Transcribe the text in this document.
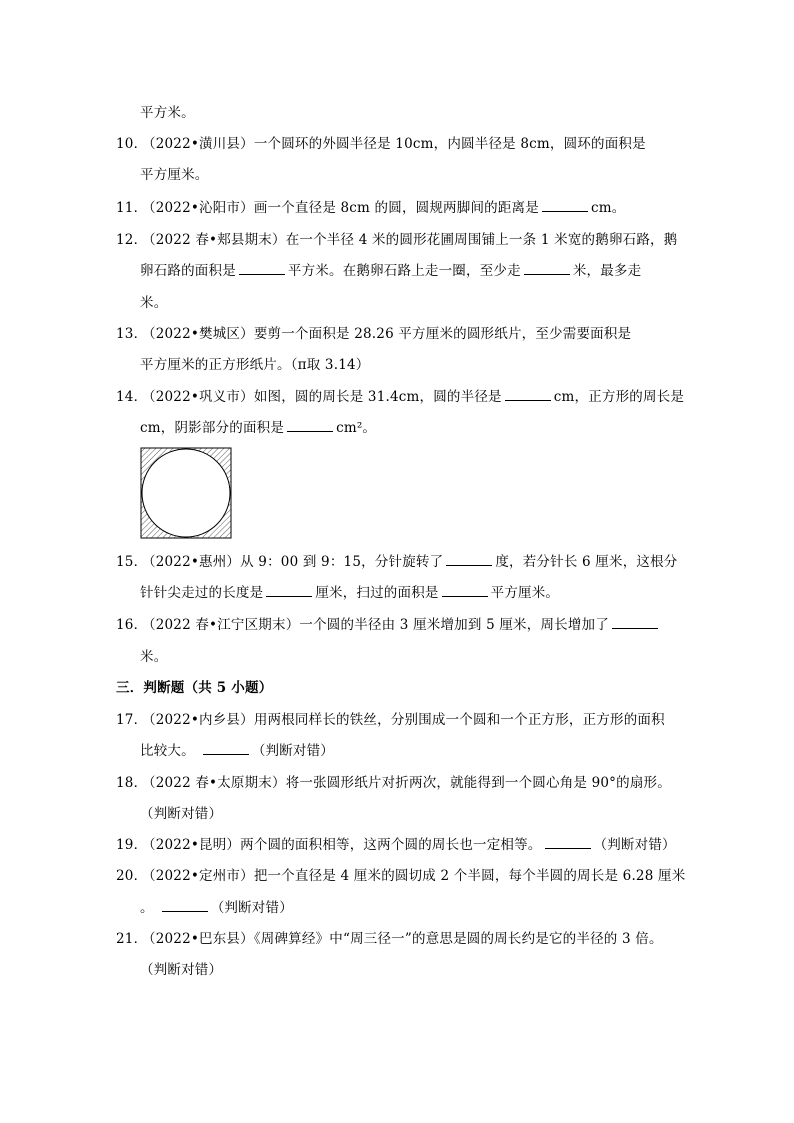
平方米。
10．
（2022•潢川县）一个圆环的外圆半径是 10cm，内圆半径是 8cm，圆环的面积是
平方厘米。
11．
（2022•沁阳市）画一个直径是 8cm 的圆，圆规两脚间的距离是	cm。
12．
（2022 春•郏县期末）在一个半径 4 米的圆形花圃周围铺上一条 1 米宽的鹅卵石路，鹅
卵石路的面积是	平方米。在鹅卵石路上走一圈，至少走	米，最多走
米。
13．
（2022•樊城区）要剪一个面积是 28.26 平方厘米的圆形纸片，至少需要面积是
平方厘米的正方形纸片。（π取 3.14）
14．
（2022•巩义市）如图，圆的周长是 31.4cm，圆的半径是	cm，正方形的周长是
cm，阴影部分的面积是	cm²。
15．
（2022•惠州）从 9：00 到 9：15，分针旋转了	度，若分针长 6 厘米，这根分
针针尖走过的长度是	厘米，扫过的面积是	平方厘米。
16．
（2022 春•江宁区期末）一个圆的半径由 3 厘米增加到 5 厘米，周长增加了
米。
三．判断题（共 5 小题）
17．
（2022•内乡县）用两根同样长的铁丝，分别围成一个圆和一个正方形，正方形的面积
比较大。	（判断对错）
18．
（2022 春•太原期末）将一张圆形纸片对折两次，就能得到一个圆心角是 90°的扇形。
（判断对错）
19．
（2022•昆明）两个圆的面积相等，这两个圆的周长也一定相等。	（判断对错）
20．
（2022•定州市）把一个直径是 4 厘米的圆切成 2 个半圆，每个半圆的周长是 6.28 厘米
。	（判断对错）
21．
（2022•巴东县）《周碑算经》中“周三径一”的意思是圆的周长约是它的半径的 3 倍。
（判断对错）
